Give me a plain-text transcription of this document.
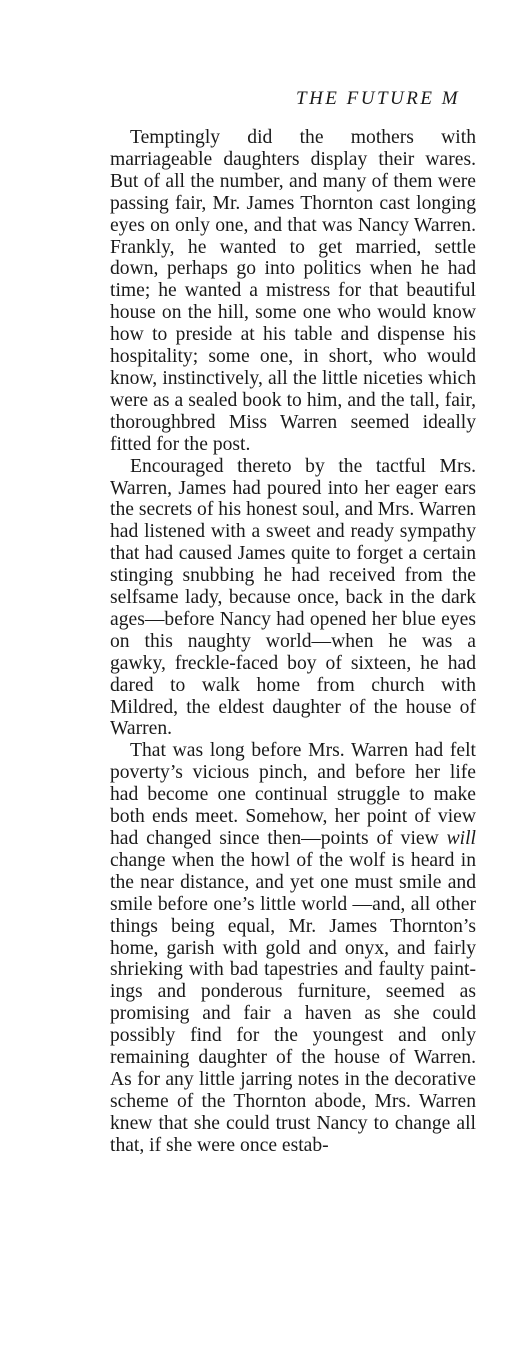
THE FUTURE M

Temptingly did the mothers with marriageable daughters display their wares. But of all the number, and many of them were passing fair, Mr. James Thornton cast longing eyes on only one, and that was Nancy Warren. Frankly, he wanted to get married, settle down, perhaps go into politics when he had time; he wanted a mistress for that beautiful house on the hill, some one who would know how to preside at his table and dispense his hospitality; some one, in short, who would know, instinctively, all the little niceties which were as a sealed book to him, and the tall, fair, thoroughbred Miss Warren seemed ideally fitted for the post.

Encouraged thereto by the tactful Mrs. Warren, James had poured into her eager ears the secrets of his honest soul, and Mrs. Warren had listened with a sweet and ready sympathy that had caused James quite to forget a certain stinging snubbing he had received from the selfsame lady, because once, back in the dark ages—before Nancy had opened her blue eyes on this naughty world—when he was a gawky, freckle-faced boy of sixteen, he had dared to walk home from church with Mildred, the eldest daughter of the house of Warren.

That was long before Mrs. Warren had felt poverty’s vicious pinch, and before her life had become one continual struggle to make both ends meet. Somehow, her point of view had changed since then—points of view will change when the howl of the wolf is heard in the near distance, and yet one must smile and smile before one’s little world —and, all other things being equal, Mr. James Thornton’s home, garish with gold and onyx, and fairly shrieking with bad tapestries and faulty paintings and ponderous furniture, seemed as promising and fair a haven as she could possibly find for the youngest and only remaining daughter of the house of Warren. As for any little jarring notes in the decorative scheme of the Thornton abode, Mrs. Warren knew that she could trust Nancy to change all that, if she were once estab-
